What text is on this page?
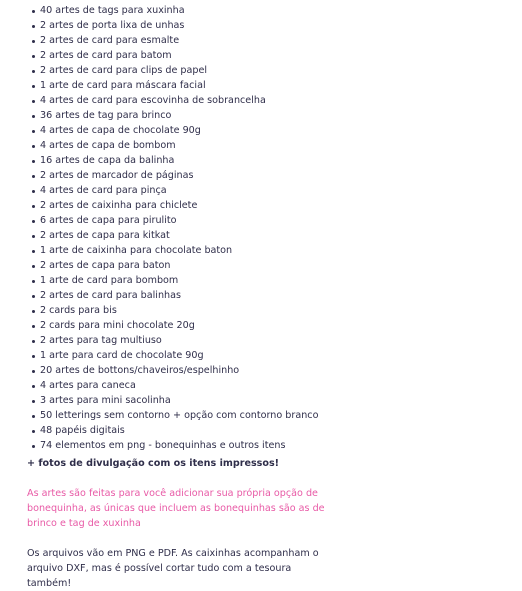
40 artes de tags para xuxinha
2 artes de porta lixa de unhas
2 artes de card para esmalte
2 artes de card para batom
2 artes de card para clips de papel
1 arte de card para máscara facial
4 artes de card para escovinha de sobrancelha
36 artes de tag para brinco
4 artes de capa de chocolate 90g
4 artes de capa de bombom
16 artes de capa da balinha
2 artes de marcador de páginas
4 artes de card para pinça
2 artes de caixinha para chiclete
6 artes de capa para pirulito
2 artes de capa para kitkat
1 arte de caixinha para chocolate baton
2 artes de capa para baton
1 arte de card para bombom
2 artes de card para balinhas
2 cards para bis
2 cards para mini chocolate 20g
2 artes para tag multiuso
1 arte para card de chocolate 90g
20 artes de bottons/chaveiros/espelhinho
4 artes para caneca
3 artes para mini sacolinha
50 letterings sem contorno + opção com contorno branco
48 papéis digitais
74 elementos em png - bonequinhas e outros itens
+ fotos de divulgação com os itens impressos!
As artes são feitas para você adicionar sua própria opção de bonequinha, as únicas que incluem as bonequinhas são as de brinco e tag de xuxinha
Os arquivos vão em PNG e PDF. As caixinhas acompanham o arquivo DXF, mas é possível cortar tudo com a tesoura também!
